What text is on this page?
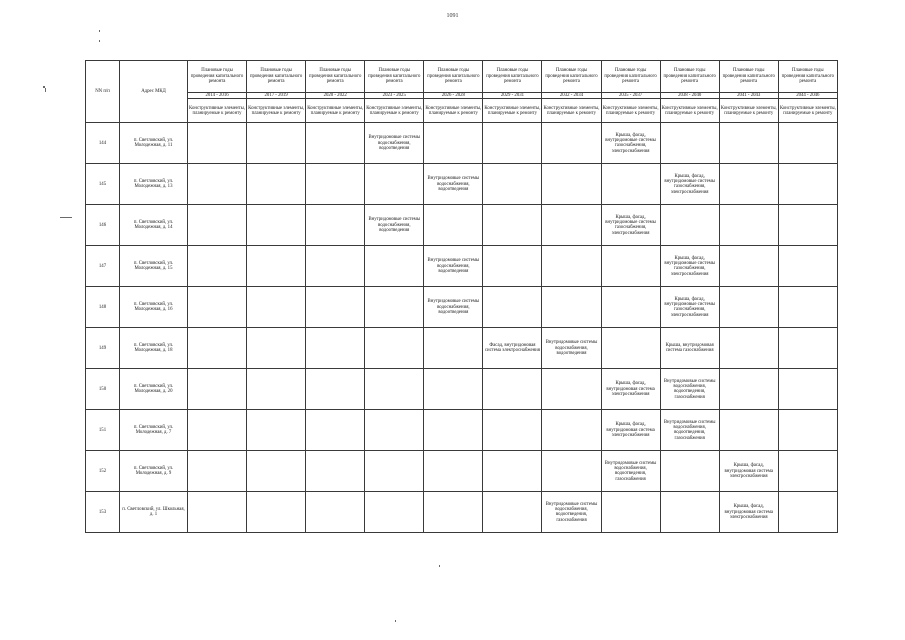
1091
NN п/п	Адрес МКД	Плановые годы проведения капитального ремонта	Плановые годы проведения капитального ремонта	Плановые годы проведения капитального ремонта	Плановые годы проведения капитального ремонта	Плановые годы проведения капитального ремонта	Плановые годы проведения капитального ремонта	Плановые годы проведения капитального ремонта	Плановые годы проведения капитального ремонта	Плановые годы проведения капитального ремонта	Плановые годы проведения капитального ремонта	Плановые годы проведения капитального ремонта
		2014 - 2016	2017 - 2019	2020 - 2022	2023 - 2025	2026 - 2028	2029 - 2031	2032 - 2034	2035 - 2037	2038 - 2040	2041 - 2043	2044 - 2046
		Конструктивные элементы, планируемые к ремонту	Конструктивные элементы, планируемые к ремонту	Конструктивные элементы, планируемые к ремонту	Конструктивные элементы, планируемые к ремонту	Конструктивные элементы, планируемые к ремонту	Конструктивные элементы, планируемые к ремонту	Конструктивные элементы, планируемые к ремонту	Конструктивные элементы, планируемые к ремонту	Конструктивные элементы, планируемые к ремонту	Конструктивные элементы, планируемые к ремонту	Конструктивные элементы, планируемые к ремонту
144	п. Светловский, ул. Молодежная, д. 11				Внутридомовые системы водоснабжения, водоотведения				Крыша, фасад, внутридомовые системы газоснабжения, электроснабжения			

145	п. Светловский, ул. Молодежная, д. 13					Внутридомовые системы водоснабжения, водоотведения				Крыша, фасад, внутридомовые системы газоснабжения, электроснабжения		

146	п. Светловский, ул. Молодежная, д. 14				Внутридомовые системы водоснабжения, водоотведения				Крыша, фасад, внутридомовые системы газоснабжения, электроснабжения			

147	п. Светловский, ул. Молодежная, д. 15					Внутридомовые системы водоснабжения, водоотведения				Крыша, фасад, внутридомовые системы газоснабжения, электроснабжения		

148	п. Светловский, ул. Молодежная, д. 16					Внутридомовые системы водоснабжения, водоотведения				Крыша, фасад, внутридомовые системы газоснабжения, электроснабжения		

149	п. Светловский, ул. Молодежная, д. 18						Фасад, внутридомовая система электроснабжения	Внутридомовые системы водоснабжения, водоотведения		Крыша, внутридомовая система газоснабжения		

150	п. Светловский, ул. Молодежная, д. 20								Крыша, фасад, внутридомовая система электроснабжения	Внутридомовые системы водоснабжения, водоотведения, газоснабжения		

151	п. Светловский, ул. Молодежная, д. 7								Крыша, фасад, внутридомовая система электроснабжения	Внутридомовые системы водоснабжения, водоотведения, газоснабжения		

152	п. Светловский, ул. Молодежная, д. 9								Внутридомовые системы водоснабжения, водоотведения, газоснабжения		Крыша, фасад, внутридомовая система электроснабжения	

153	п. Светловский, ул. Школьная, д. 1							Внутридомовые системы водоснабжения, водоотведения, газоснабжения			Крыша, фасад, внутридомовая система электроснабжения	
